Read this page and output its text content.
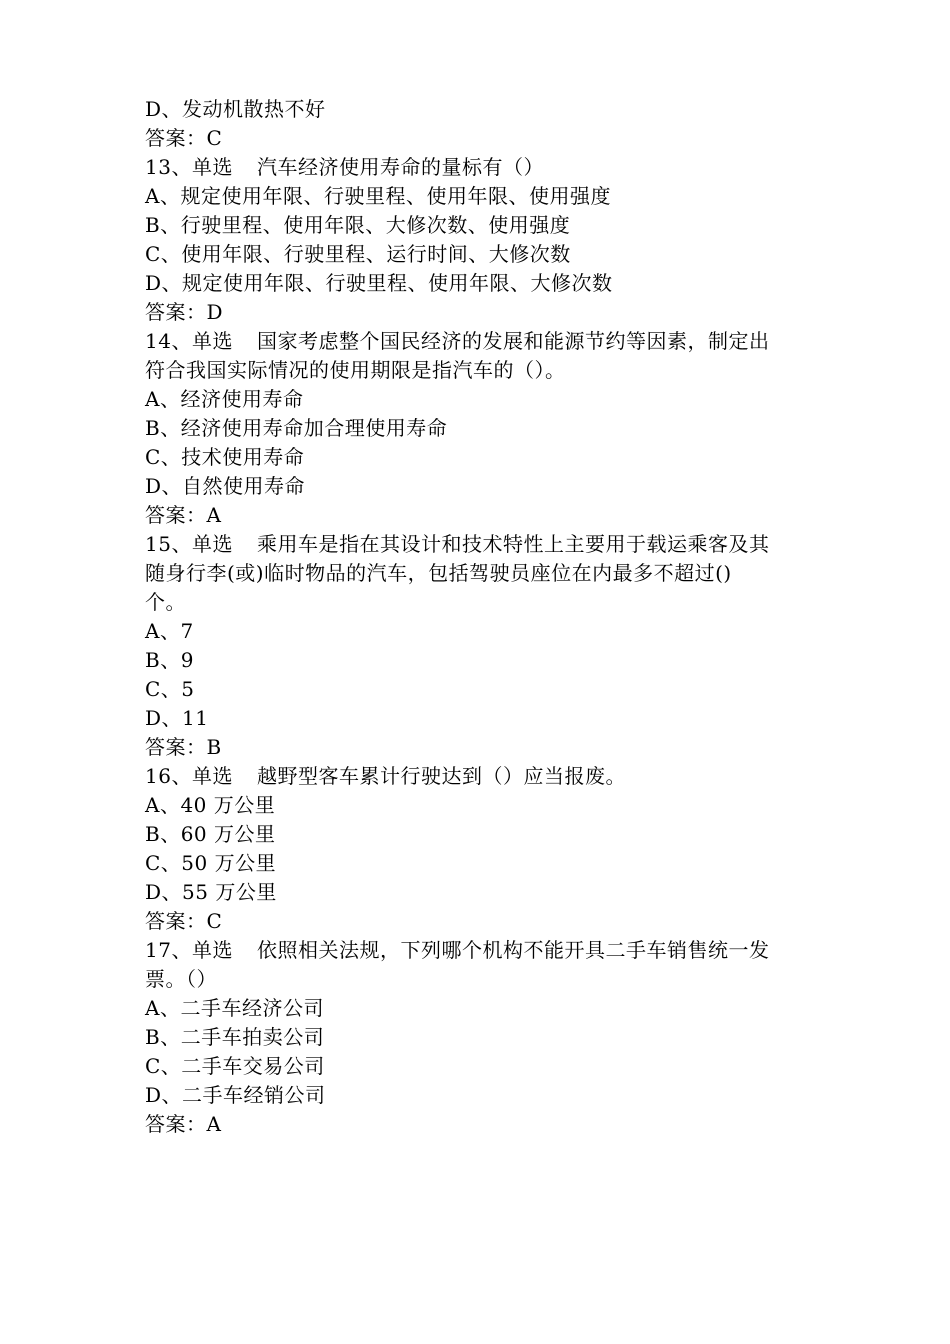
D、发动机散热不好
答案：C
13、单选 汽车经济使用寿命的量标有（）
A、规定使用年限、行驶里程、使用年限、使用强度
B、行驶里程、使用年限、大修次数、使用强度
C、使用年限、行驶里程、运行时间、大修次数
D、规定使用年限、行驶里程、使用年限、大修次数
答案：D
14、单选 国家考虑整个国民经济的发展和能源节约等因素，制定出
符合我国实际情况的使用期限是指汽车的（）。
A、经济使用寿命
B、经济使用寿命加合理使用寿命
C、技术使用寿命
D、自然使用寿命
答案：A
15、单选 乘用车是指在其设计和技术特性上主要用于载运乘客及其
随身行李(或)临时物品的汽车，包括驾驶员座位在内最多不超过()
个。
A、7
B、9
C、5
D、11
答案：B
16、单选 越野型客车累计行驶达到（）应当报废。
A、40 万公里
B、60 万公里
C、50 万公里
D、55 万公里
答案：C
17、单选 依照相关法规，下列哪个机构不能开具二手车销售统一发
票。（）
A、二手车经济公司
B、二手车拍卖公司
C、二手车交易公司
D、二手车经销公司
答案：A
